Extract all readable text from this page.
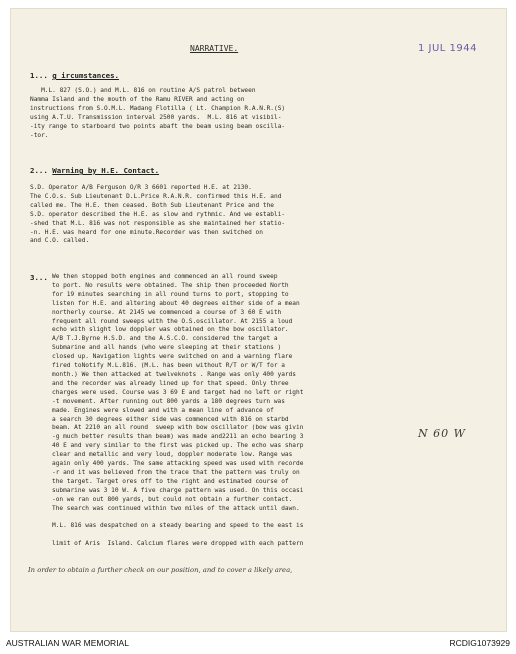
1 JUL 1944
NARRATIVE.
1... g ircumstances.
M.L. 827 (S.O.) and M.L. 816 on routine A/S patrol between
Namma Island and the mouth of the Ramu RIVER and acting on
instructions from S.O.M.L. Madang Flotilla ( Lt. Champion R.A.N.R.(S)
using A.T.U. Transmission interval 2500 yards.  M.L. 816 at visibil-
-ity range to starboard two points abaft the beam using beam oscilla-
-tor.
2... Warning by H.E. Contact.
S.D. Operator A/B Ferguson O/R 3 6601 reported H.E. at 2130.
The C.O.s. Sub Lieutenant D.L.Price R.A.N.R. confirmed this H.E. and
called me. The H.E. then ceased. Both Sub Lieutenant Price and the
S.D. operator described the H.E. as slow and rythmic. And we establi-
-shed that M.L. 816 was not responsible as she maintained her statio-
-n. H.E. was heard for one minute.Recorder was then switched on
and C.O. called.
3... We then stopped both engines and commenced an all round sweep
to port. No results were obtained. The ship then proceeded North
for 19 minutes searching in all round turns to port, stopping to
listen for H.E. and altering about 40 degrees either side of a mean
northerly course. At 2145 we commenced a course of 3 60 E with
frequent all round sweeps with the O.S.oscillator. At 2155 a loud
echo with slight low doppler was obtained on the bow oscillator.
A/B T.J.Byrne H.S.D. and the A.S.C.O. considered the target a
Submarine and all hands (who were sleeping at their stations )
closed up. Navigation lights were switched on and a warning flare
fired toNotify M.L.816. (M.L. has been without R/T or W/T for a
month.) We then attacked at twelveknots . Range was only 400 yards
and the recorder was already lined up for that speed. Only three
charges were used. Course was 3 69 E and target had no left or right
-t movement. After running out 800 yards a 180 degrees turn was
made. Engines were slowed and with a mean line of advance of
a search 30 degrees either side was commenced with 816 on starbd
beam. At 2210 an all round  sweep with bow oscillator (bow was givin
-g much better results than beam) was made and2211 an echo bearing 3
40 E and very similar to the first was picked up. The echo was sharp
clear and metallic and very loud, doppler moderate low. Range was
again only 400 yards. The same attacking speed was used with recorde
-r and it was believed from the trace that the pattern was truly on
the target. Target ores off to the right and estimated course of
submarine was 3 10 W. A five charge pattern was used. On this occasi
-on we ran out 800 yards, but could not obtain a further contact.
The search was continued within two miles of the attack until dawn.

M.L. 816 was despatched on a steady bearing and speed to the east is

limit of Aris  Island. Calcium flares were dropped with each pattern
N 60 W
In order to obtain a further check on our position, and to cover a likely area,
AUSTRALIAN WAR MEMORIAL	RCDIG1073929
